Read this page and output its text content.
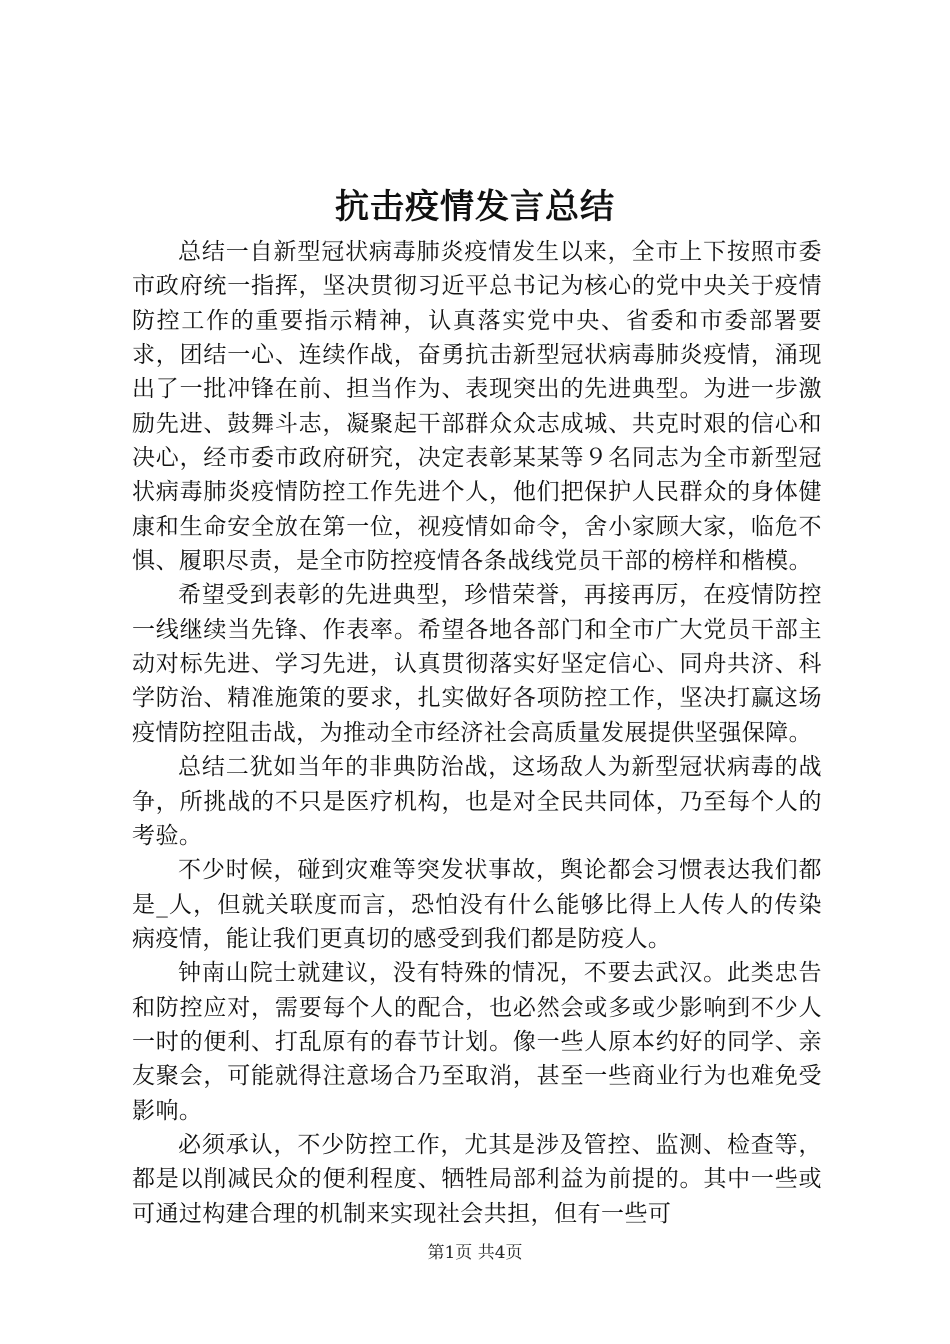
抗击疫情发言总结

总结一自新型冠状病毒肺炎疫情发生以来，全市上下按照市委市政府统一指挥，坚决贯彻习近平总书记为核心的党中央关于疫情防控工作的重要指示精神，认真落实党中央、省委和市委部署要求，团结一心、连续作战，奋勇抗击新型冠状病毒肺炎疫情，涌现出了一批冲锋在前、担当作为、表现突出的先进典型。为进一步激励先进、鼓舞斗志，凝聚起干部群众众志成城、共克时艰的信心和决心，经市委市政府研究，决定表彰某某等９名同志为全市新型冠状病毒肺炎疫情防控工作先进个人，他们把保护人民群众的身体健康和生命安全放在第一位，视疫情如命令，舍小家顾大家，临危不惧、履职尽责，是全市防控疫情各条战线党员干部的榜样和楷模。

希望受到表彰的先进典型，珍惜荣誉，再接再厉，在疫情防控一线继续当先锋、作表率。希望各地各部门和全市广大党员干部主动对标先进、学习先进，认真贯彻落实好坚定信心、同舟共济、科学防治、精准施策的要求，扎实做好各项防控工作，坚决打赢这场疫情防控阻击战，为推动全市经济社会高质量发展提供坚强保障。

总结二犹如当年的非典防治战，这场敌人为新型冠状病毒的战争，所挑战的不只是医疗机构，也是对全民共同体，乃至每个人的考验。

不少时候，碰到灾难等突发状事故，舆论都会习惯表达我们都是_人，但就关联度而言，恐怕没有什么能够比得上人传人的传染病疫情，能让我们更真切的感受到我们都是防疫人。

钟南山院士就建议，没有特殊的情况，不要去武汉。此类忠告和防控应对，需要每个人的配合，也必然会或多或少影响到不少人一时的便利、打乱原有的春节计划。像一些人原本约好的同学、亲友聚会，可能就得注意场合乃至取消，甚至一些商业行为也难免受影响。

必须承认，不少防控工作，尤其是涉及管控、监测、检查等，都是以削减民众的便利程度、牺牲局部利益为前提的。其中一些或可通过构建合理的机制来实现社会共担，但有一些可

第1页 共4页
